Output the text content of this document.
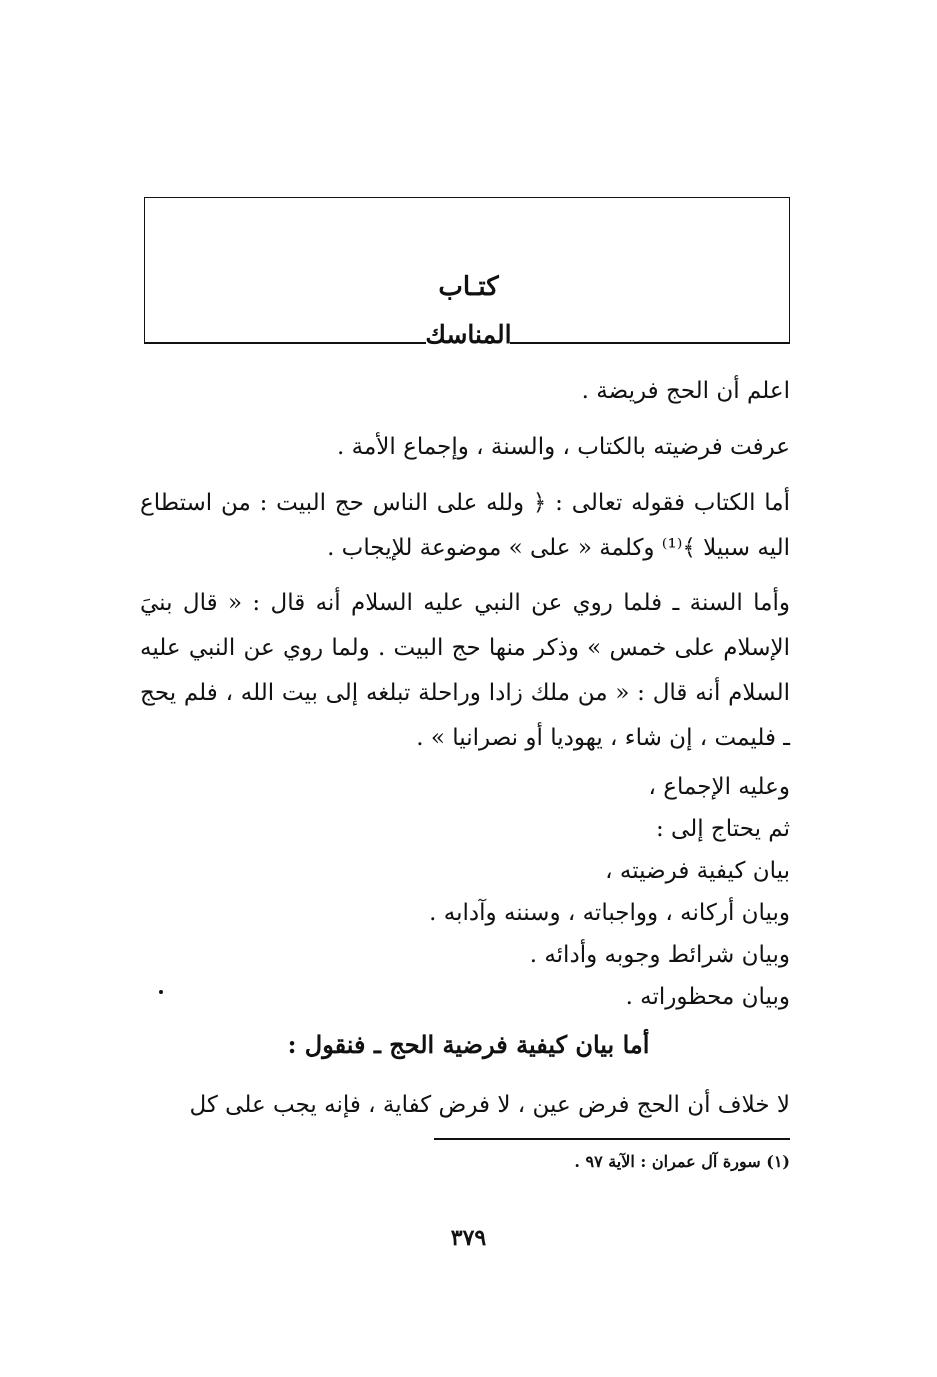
كتـاب
المناسك
اعلم أن الحج فريضة .
عرفت فرضيته بالكتاب ، والسنة ، وإجماع الأمة .
أما الكتاب فقوله تعالى : ﴿ ولله على الناس حج البيت : من استطاع اليه سبيلا ﴾⁽¹⁾ وكلمة « على » موضوعة للإيجاب .
وأما السنة ـ فلما روي عن النبي عليه السلام أنه قال : « قال بنيَ الإسلام على خمس » وذكر منها حج البيت . ولما روي عن النبي عليه السلام أنه قال : « من ملك زادا وراحلة تبلغه إلى بيت الله ، فلم يحج ـ فليمت ، إن شاء ، يهوديا أو نصرانيا » .
وعليه الإجماع ،
ثم يحتاج إلى :
بيان كيفية فرضيته ،
وبيان أركانه ، وواجباته ، وسننه وآدابه .
وبيان شرائط وجوبه وأدائه .
وبيان محظوراته .
أما بيان كيفية فرضية الحج ـ فنقول :
لا خلاف أن الحج فرض عين ، لا فرض كفاية ، فإنه يجب على كل
(١) سورة آل عمران : الآية ٩٧ .
٣٧٩
